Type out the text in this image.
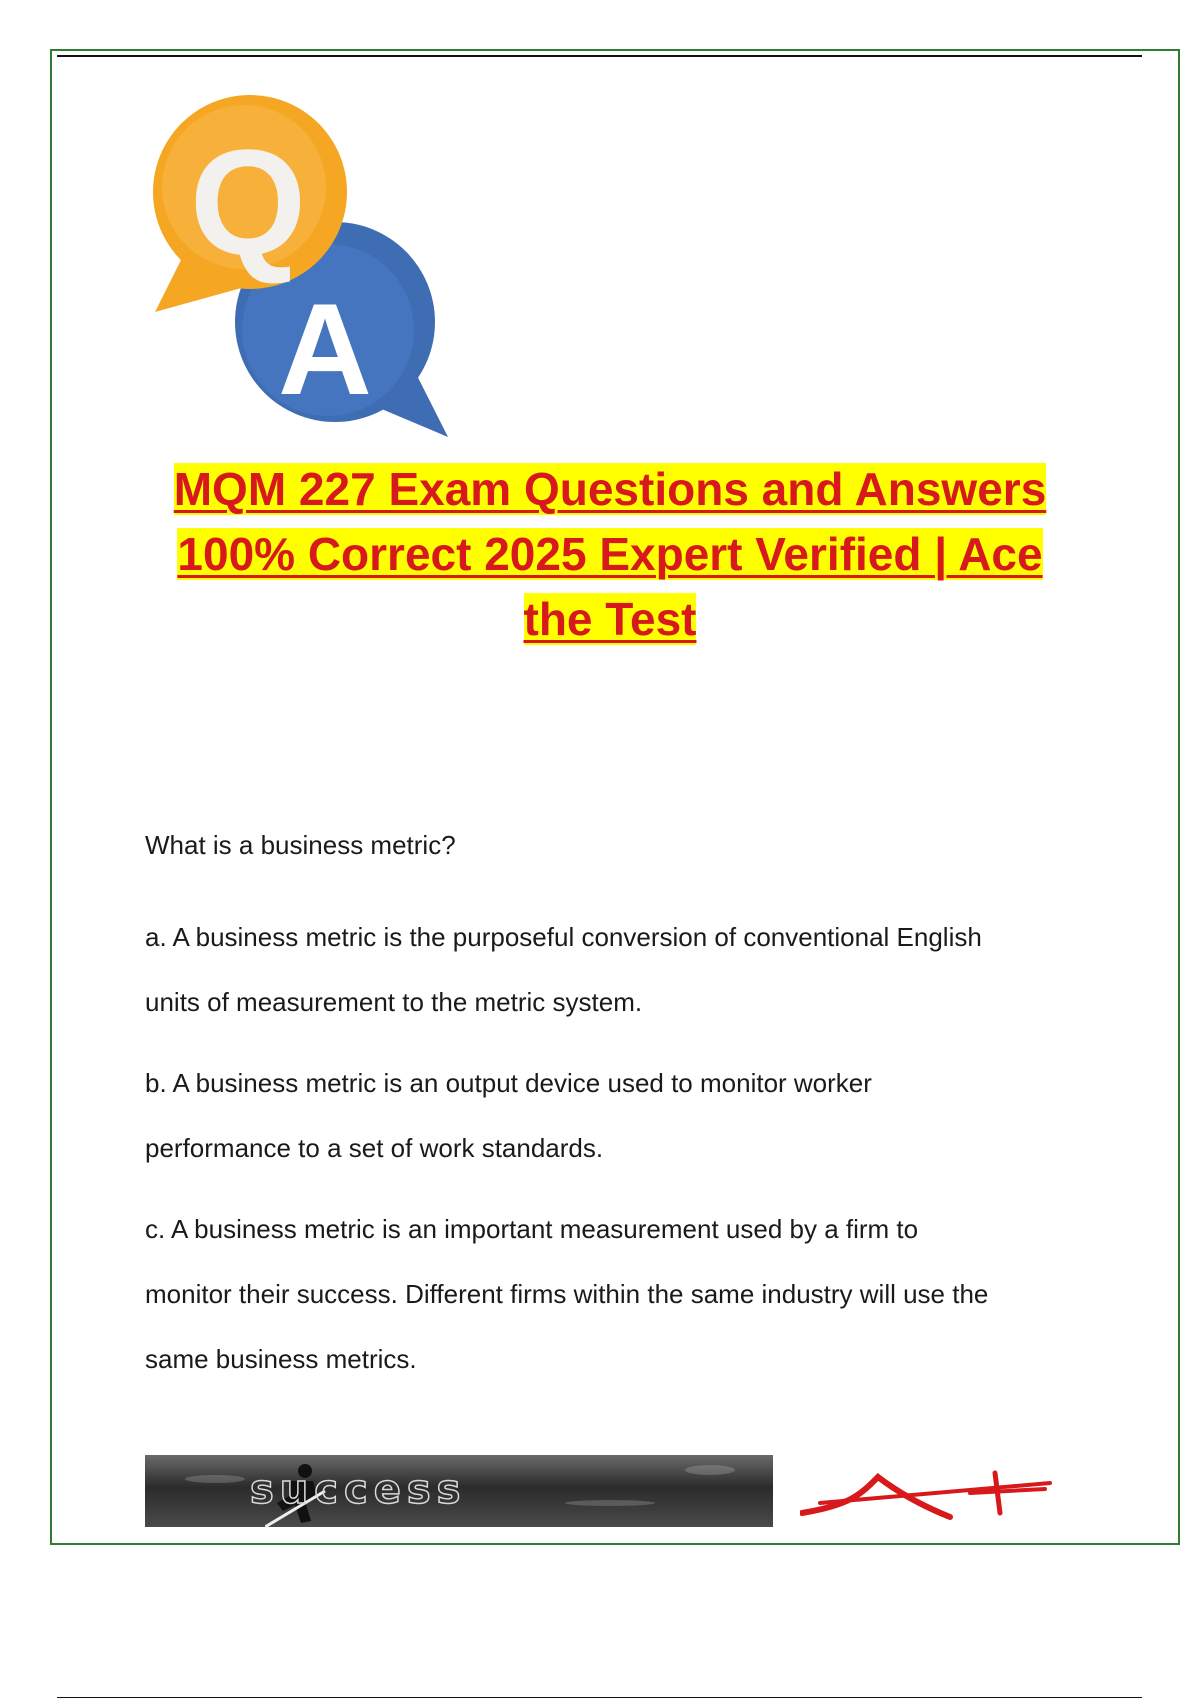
A
Q
MQM 227 Exam Questions and Answers
100% Correct 2025 Expert Verified | Ace
the Test

What is a business metric?

a. A business metric is the purposeful conversion of conventional English
units of measurement to the metric system.

b. A business metric is an output device used to monitor worker
performance to a set of work standards.

c. A business metric is an important measurement used by a firm to
monitor their success. Different firms within the same industry will use the
same business metrics.

success
